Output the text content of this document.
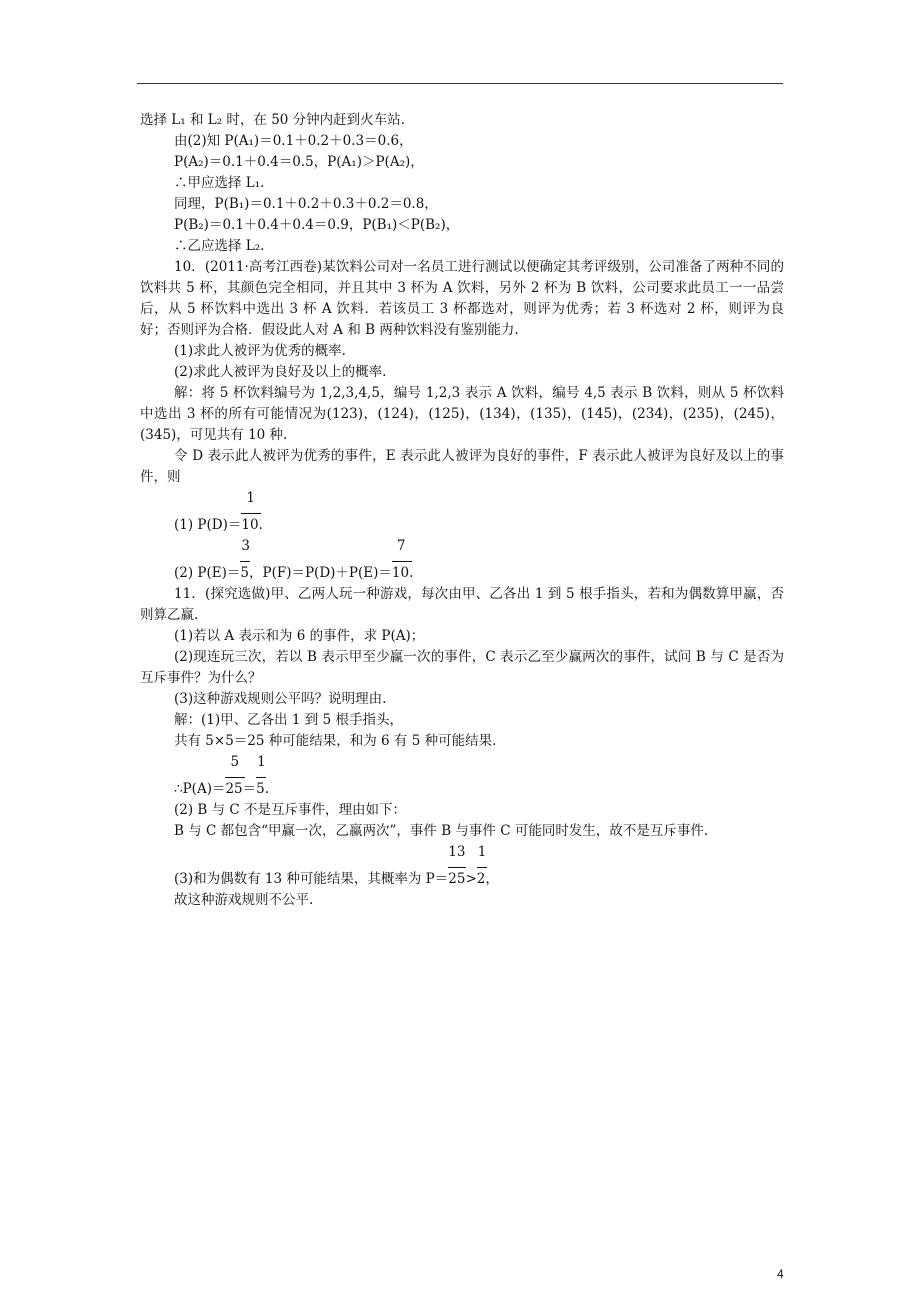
选择 L₁ 和 L₂ 时，在 50 分钟内赶到火车站.
由(2)知 P(A₁)＝0.1＋0.2＋0.3＝0.6，
P(A₂)＝0.1＋0.4＝0.5，P(A₁)＞P(A₂)，
∴甲应选择 L₁.
同理，P(B₁)＝0.1＋0.2＋0.3＋0.2＝0.8，
P(B₂)＝0.1＋0.4＋0.4＝0.9，P(B₁)＜P(B₂)，
∴乙应选择 L₂.
10．(2011·高考江西卷)某饮料公司对一名员工进行测试以便确定其考评级别，公司准备了两种不同的饮料共 5 杯，其颜色完全相同，并且其中 3 杯为 A 饮料，另外 2 杯为 B 饮料，公司要求此员工一一品尝后，从 5 杯饮料中选出 3 杯 A 饮料．若该员工 3 杯都选对，则评为优秀；若 3 杯选对 2 杯，则评为良好；否则评为合格．假设此人对 A 和 B 两种饮料没有鉴别能力.
(1)求此人被评为优秀的概率.
(2)求此人被评为良好及以上的概率.
解：将 5 杯饮料编号为 1,2,3,4,5，编号 1,2,3 表示 A 饮料，编号 4,5 表示 B 饮料，则从 5 杯饮料中选出 3 杯的所有可能情况为(123)，(124)，(125)，(134)，(135)，(145)，(234)，(235)，(245)，(345)，可见共有 10 种.
令 D 表示此人被评为优秀的事件，E 表示此人被评为良好的事件，F 表示此人被评为良好及以上的事件，则
(1) $P(D)= \frac{1}{10}$.
(2) $P(E)= \frac{3}{5}$，$P(F)=P(D)+P(E)= \frac{7}{10}$.
11．(探究选做)甲、乙两人玩一种游戏，每次由甲、乙各出 1 到 5 根手指头，若和为偶数算甲赢，否则算乙赢.
(1)若以 A 表示和为 6 的事件，求 P(A)；
(2)现连玩三次，若以 B 表示甲至少赢一次的事件，C 表示乙至少赢两次的事件，试问 B 与 C 是否为互斥事件？为什么？
(3)这种游戏规则公平吗？说明理由.
解：(1)甲、乙各出 1 到 5 根手指头，
共有 5×5＝25 种可能结果，和为 6 有 5 种可能结果.
∴P(A)＝ $\frac{5}{25}= \frac{1}{5}$.
(2) B 与 C 不是互斥事件，理由如下：
B 与 C 都包含“甲赢一次，乙赢两次”，事件 B 与事件 C 可能同时发生，故不是互斥事件.
(3)和为偶数有 13 种可能结果，其概率为 $P= \frac{13}{25}> \frac{1}{2}$，
故这种游戏规则不公平.
4
